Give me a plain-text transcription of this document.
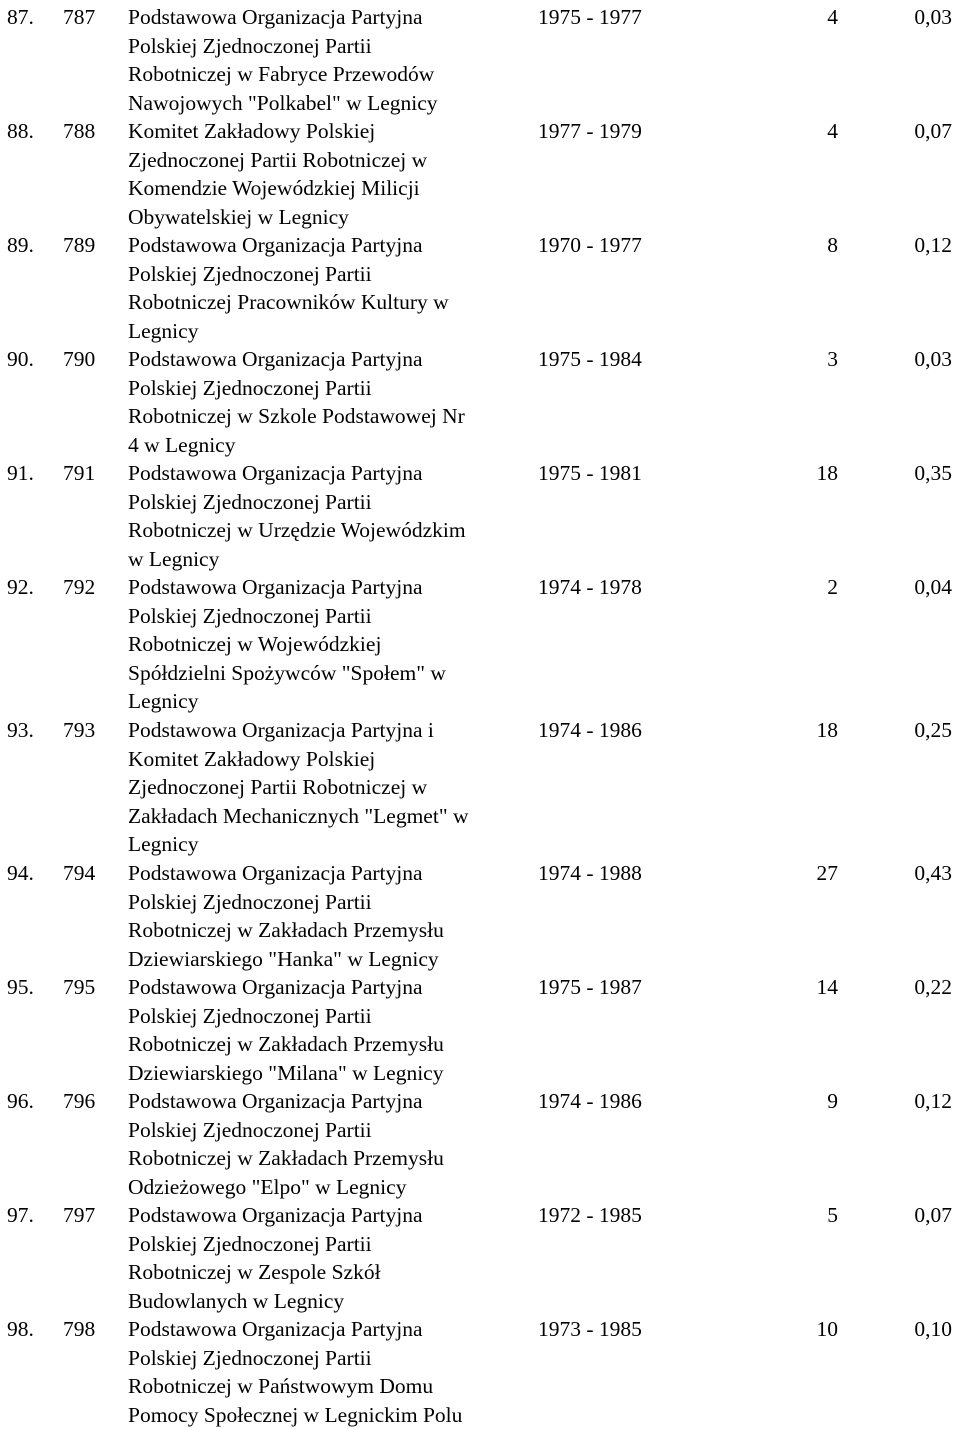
87. 787 Podstawowa Organizacja Partyjna
Polskiej Zjednoczonej Partii
Robotniczej w Fabryce Przewodów
Nawojowych "Polkabel" w Legnicy
1975 - 1977	4	0,03
88. 788 Komitet Zakładowy Polskiej
Zjednoczonej Partii Robotniczej w
Komendzie Wojewódzkiej Milicji
Obywatelskiej w Legnicy
1977 - 1979	4	0,07
89. 789 Podstawowa Organizacja Partyjna
Polskiej Zjednoczonej Partii
Robotniczej Pracowników Kultury w
Legnicy
1970 - 1977	8	0,12
90. 790 Podstawowa Organizacja Partyjna
Polskiej Zjednoczonej Partii
Robotniczej w Szkole Podstawowej Nr
4 w Legnicy
1975 - 1984	3	0,03
91. 791 Podstawowa Organizacja Partyjna
Polskiej Zjednoczonej Partii
Robotniczej w Urzędzie Wojewódzkim
w Legnicy
1975 - 1981	18	0,35
92. 792 Podstawowa Organizacja Partyjna
Polskiej Zjednoczonej Partii
Robotniczej w Wojewódzkiej
Spółdzielni Spożywców "Społem" w
Legnicy
1974 - 1978	2	0,04
93. 793 Podstawowa Organizacja Partyjna i
Komitet Zakładowy Polskiej
Zjednoczonej Partii Robotniczej w
Zakładach Mechanicznych "Legmet" w
Legnicy
1974 - 1986	18	0,25
94. 794 Podstawowa Organizacja Partyjna
Polskiej Zjednoczonej Partii
Robotniczej w Zakładach Przemysłu
Dziewiarskiego "Hanka" w Legnicy
1974 - 1988	27	0,43
95. 795 Podstawowa Organizacja Partyjna
Polskiej Zjednoczonej Partii
Robotniczej w Zakładach Przemysłu
Dziewiarskiego "Milana" w Legnicy
1975 - 1987	14	0,22
96. 796 Podstawowa Organizacja Partyjna
Polskiej Zjednoczonej Partii
Robotniczej w Zakładach Przemysłu
Odzieżowego "Elpo" w Legnicy
1974 - 1986	9	0,12
97. 797 Podstawowa Organizacja Partyjna
Polskiej Zjednoczonej Partii
Robotniczej w Zespole Szkół
Budowlanych w Legnicy
1972 - 1985	5	0,07
98. 798 Podstawowa Organizacja Partyjna
Polskiej Zjednoczonej Partii
Robotniczej w Państwowym Domu
Pomocy Społecznej w Legnickim Polu
1973 - 1985	10	0,10
